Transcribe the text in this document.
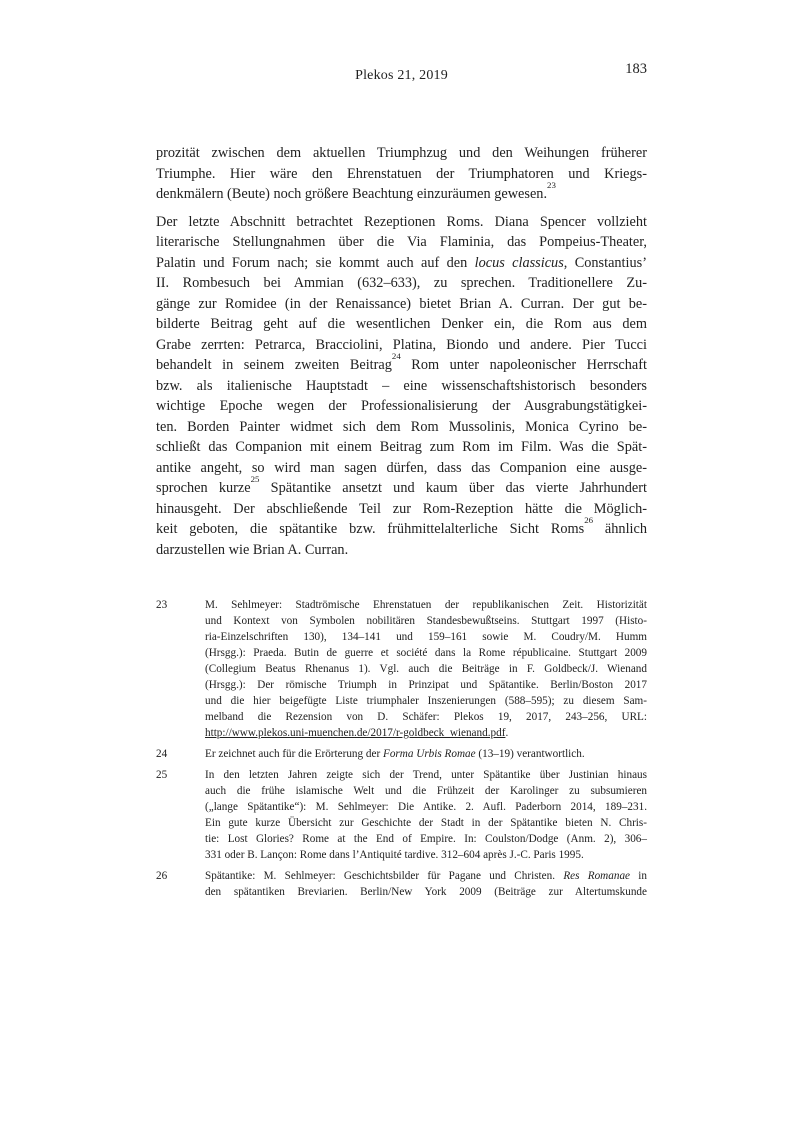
Plekos 21, 2019	183
prozität zwischen dem aktuellen Triumphzug und den Weihungen früherer
Triumphe. Hier wäre den Ehrenstatuen der Triumphatoren und Kriegs-
denkmälern (Beute) noch größere Beachtung einzuräumen gewesen.$^{23}$
Der letzte Abschnitt betrachtet Rezeptionen Roms. Diana Spencer vollzieht
literarische Stellungnahmen über die Via Flaminia, das Pompeius-Theater,
Palatin und Forum nach; sie kommt auch auf den locus classicus, Constantius’
II. Rombesuch bei Ammian (632–633), zu sprechen. Traditionellere Zu-
gänge zur Romidee (in der Renaissance) bietet Brian A. Curran. Der gut be-
bilderte Beitrag geht auf die wesentlichen Denker ein, die Rom aus dem
Grabe zerrten: Petrarca, Bracciolini, Platina, Biondo und andere. Pier Tucci
behandelt in seinem zweiten Beitrag$^{24}$ Rom unter napoleonischer Herrschaft
bzw. als italienische Hauptstadt – eine wissenschaftshistorisch besonders
wichtige Epoche wegen der Professionalisierung der Ausgrabungstätigkei-
ten. Borden Painter widmet sich dem Rom Mussolinis, Monica Cyrino be-
schließt das Companion mit einem Beitrag zum Rom im Film. Was die Spät-
antike angeht, so wird man sagen dürfen, dass das Companion eine ausge-
sprochen kurze$^{25}$ Spätantike ansetzt und kaum über das vierte Jahrhundert
hinausgeht. Der abschließende Teil zur Rom-Rezeption hätte die Möglich-
keit geboten, die spätantike bzw. frühmittelalterliche Sicht Roms$^{26}$ ähnlich
darzustellen wie Brian A. Curran.
23	M. Sehlmeyer: Stadtrömische Ehrenstatuen der republikanischen Zeit. Historizität
und Kontext von Symbolen nobilitären Standesbewußtseins. Stuttgart 1997 (Histo-
ria-Einzelschriften 130), 134–141 und 159–161 sowie M. Coudry/M. Humm
(Hrsgg.): Praeda. Butin de guerre et société dans la Rome républicaine. Stuttgart 2009
(Collegium Beatus Rhenanus 1). Vgl. auch die Beiträge in F. Goldbeck/J. Wienand
(Hrsgg.): Der römische Triumph in Prinzipat und Spätantike. Berlin/Boston 2017
und die hier beigefügte Liste triumphaler Inszenierungen (588–595); zu diesem Sam-
melband die Rezension von D. Schäfer: Plekos 19, 2017, 243–256, URL:
http://www.plekos.uni-muenchen.de/2017/r-goldbeck_wienand.pdf.
24	Er zeichnet auch für die Erörterung der Forma Urbis Romae (13–19) verantwortlich.
25	In den letzten Jahren zeigte sich der Trend, unter Spätantike über Justinian hinaus
auch die frühe islamische Welt und die Frühzeit der Karolinger zu subsumieren
(„lange Spätantike“): M. Sehlmeyer: Die Antike. 2. Aufl. Paderborn 2014, 189–231.
Ein gute kurze Übersicht zur Geschichte der Stadt in der Spätantike bieten N. Chris-
tie: Lost Glories? Rome at the End of Empire. In: Coulston/Dodge (Anm. 2), 306–
331 oder B. Lançon: Rome dans l’Antiquité tardive. 312–604 après J.-C. Paris 1995.
26	Spätantike: M. Sehlmeyer: Geschichtsbilder für Pagane und Christen. Res Romanae in
den spätantiken Breviarien. Berlin/New York 2009 (Beiträge zur Altertumskunde
